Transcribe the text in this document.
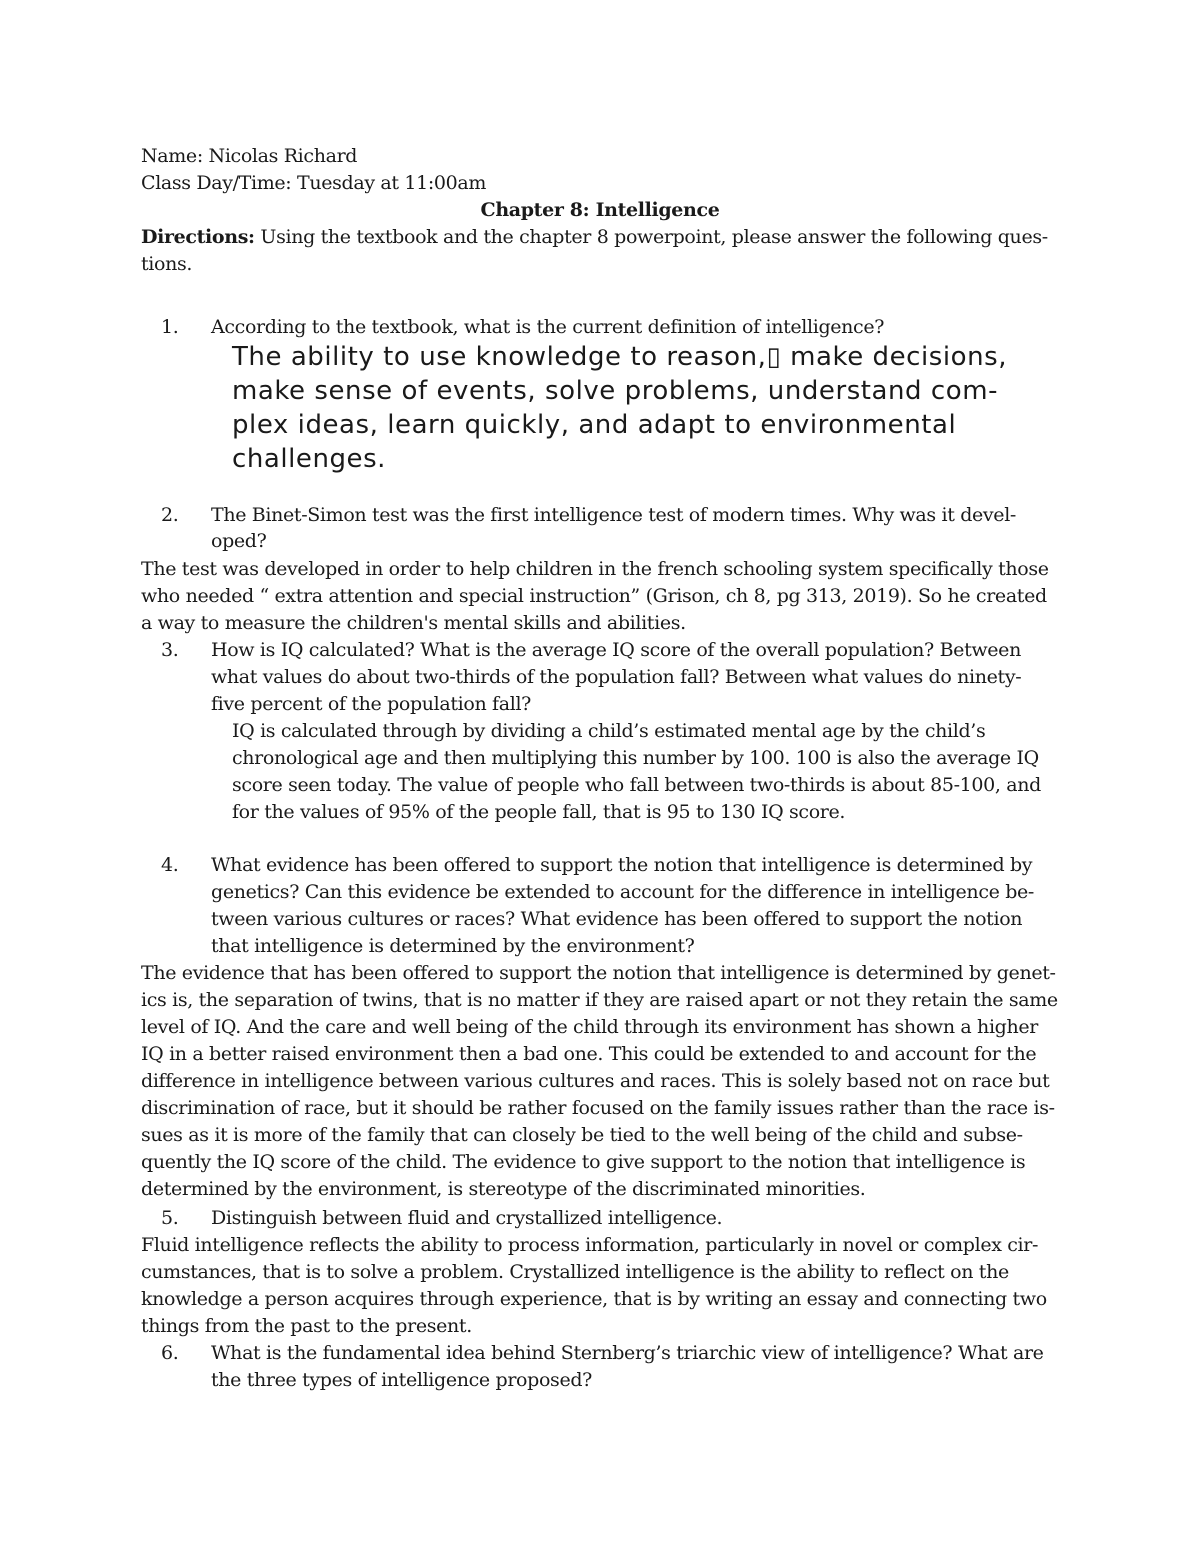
Name: Nicolas Richard
Class Day/Time: Tuesday at 11:00am
Chapter 8: Intelligence
Directions: Using the textbook and the chapter 8 powerpoint, please answer the following ques-
tions.
1. According to the textbook, what is the current definition of intelligence?
The ability to use knowledge to reason,▯ make decisions,
make sense of events, solve problems, understand com-
plex ideas, learn quickly, and adapt to environmental
challenges.
2. The Binet-Simon test was the first intelligence test of modern times. Why was it devel-
oped?
The test was developed in order to help children in the french schooling system specifically those
who needed “ extra attention and special instruction” (Grison, ch 8, pg 313, 2019). So he created
a way to measure the children's mental skills and abilities.
3. How is IQ calculated? What is the average IQ score of the overall population? Between
what values do about two-thirds of the population fall? Between what values do ninety-
five percent of the population fall?
IQ is calculated through by dividing a child’s estimated mental age by the child’s
chronological age and then multiplying this number by 100. 100 is also the average IQ
score seen today. The value of people who fall between two-thirds is about 85-100, and
for the values of 95% of the people fall, that is 95 to 130 IQ score.
4. What evidence has been offered to support the notion that intelligence is determined by
genetics? Can this evidence be extended to account for the difference in intelligence be-
tween various cultures or races? What evidence has been offered to support the notion
that intelligence is determined by the environment?
The evidence that has been offered to support the notion that intelligence is determined by genet-
ics is, the separation of twins, that is no matter if they are raised apart or not they retain the same
level of IQ. And the care and well being of the child through its environment has shown a higher
IQ in a better raised environment then a bad one. This could be extended to and account for the
difference in intelligence between various cultures and races. This is solely based not on race but
discrimination of race, but it should be rather focused on the family issues rather than the race is-
sues as it is more of the family that can closely be tied to the well being of the child and subse-
quently the IQ score of the child. The evidence to give support to the notion that intelligence is
determined by the environment, is stereotype of the discriminated minorities.
5. Distinguish between fluid and crystallized intelligence.
Fluid intelligence reflects the ability to process information, particularly in novel or complex cir-
cumstances, that is to solve a problem. Crystallized intelligence is the ability to reflect on the
knowledge a person acquires through experience, that is by writing an essay and connecting two
things from the past to the present.
6. What is the fundamental idea behind Sternberg’s triarchic view of intelligence? What are
the three types of intelligence proposed?
